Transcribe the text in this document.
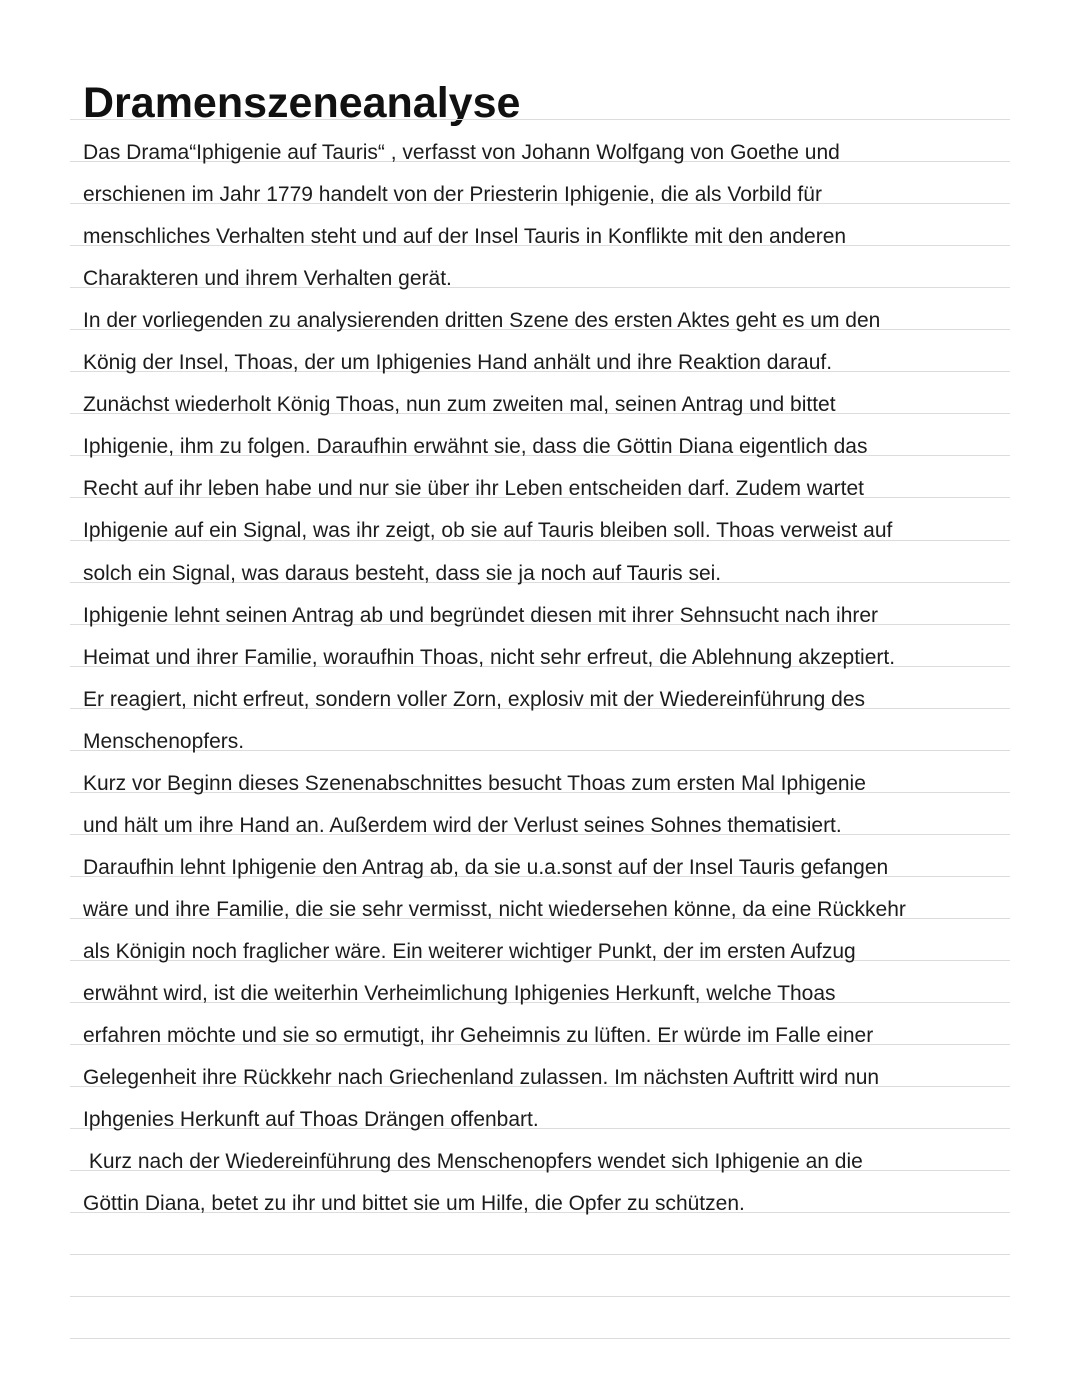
Dramenszeneanalyse
Das Drama“Iphigenie auf Tauris“ , verfasst von Johann Wolfgang von Goethe und
erschienen im Jahr 1779 handelt von der Priesterin Iphigenie, die als Vorbild für
menschliches Verhalten steht und auf der Insel Tauris in Konflikte mit den anderen
Charakteren und ihrem Verhalten gerät.
In der vorliegenden zu analysierenden dritten Szene des ersten Aktes geht es um den
König der Insel, Thoas, der um Iphigenies Hand anhält und ihre Reaktion darauf.
Zunächst wiederholt König Thoas, nun zum zweiten mal, seinen Antrag und bittet
Iphigenie, ihm zu folgen. Daraufhin erwähnt sie, dass die Göttin Diana eigentlich das
Recht auf ihr leben habe und nur sie über ihr Leben entscheiden darf. Zudem wartet
Iphigenie auf ein Signal, was ihr zeigt, ob sie auf Tauris bleiben soll. Thoas verweist auf
solch ein Signal, was daraus besteht, dass sie ja noch auf Tauris sei.
Iphigenie lehnt seinen Antrag ab und begründet diesen mit ihrer Sehnsucht nach ihrer
Heimat und ihrer Familie, woraufhin Thoas, nicht sehr erfreut, die Ablehnung akzeptiert.
Er reagiert, nicht erfreut, sondern voller Zorn, explosiv mit der Wiedereinführung des
Menschenopfers.
Kurz vor Beginn dieses Szenenabschnittes besucht Thoas zum ersten Mal Iphigenie
und hält um ihre Hand an. Außerdem wird der Verlust seines Sohnes thematisiert.
Daraufhin lehnt Iphigenie den Antrag ab, da sie u.a.sonst auf der Insel Tauris gefangen
wäre und ihre Familie, die sie sehr vermisst, nicht wiedersehen könne, da eine Rückkehr
als Königin noch fraglicher wäre. Ein weiterer wichtiger Punkt, der im ersten Aufzug
erwähnt wird, ist die weiterhin Verheimlichung Iphigenies Herkunft, welche Thoas
erfahren möchte und sie so ermutigt, ihr Geheimnis zu lüften. Er würde im Falle einer
Gelegenheit ihre Rückkehr nach Griechenland zulassen. Im nächsten Auftritt wird nun
Iphgenies Herkunft auf Thoas Drängen offenbart.
Kurz nach der Wiedereinführung des Menschenopfers wendet sich Iphigenie an die
Göttin Diana, betet zu ihr und bittet sie um Hilfe, die Opfer zu schützen.
